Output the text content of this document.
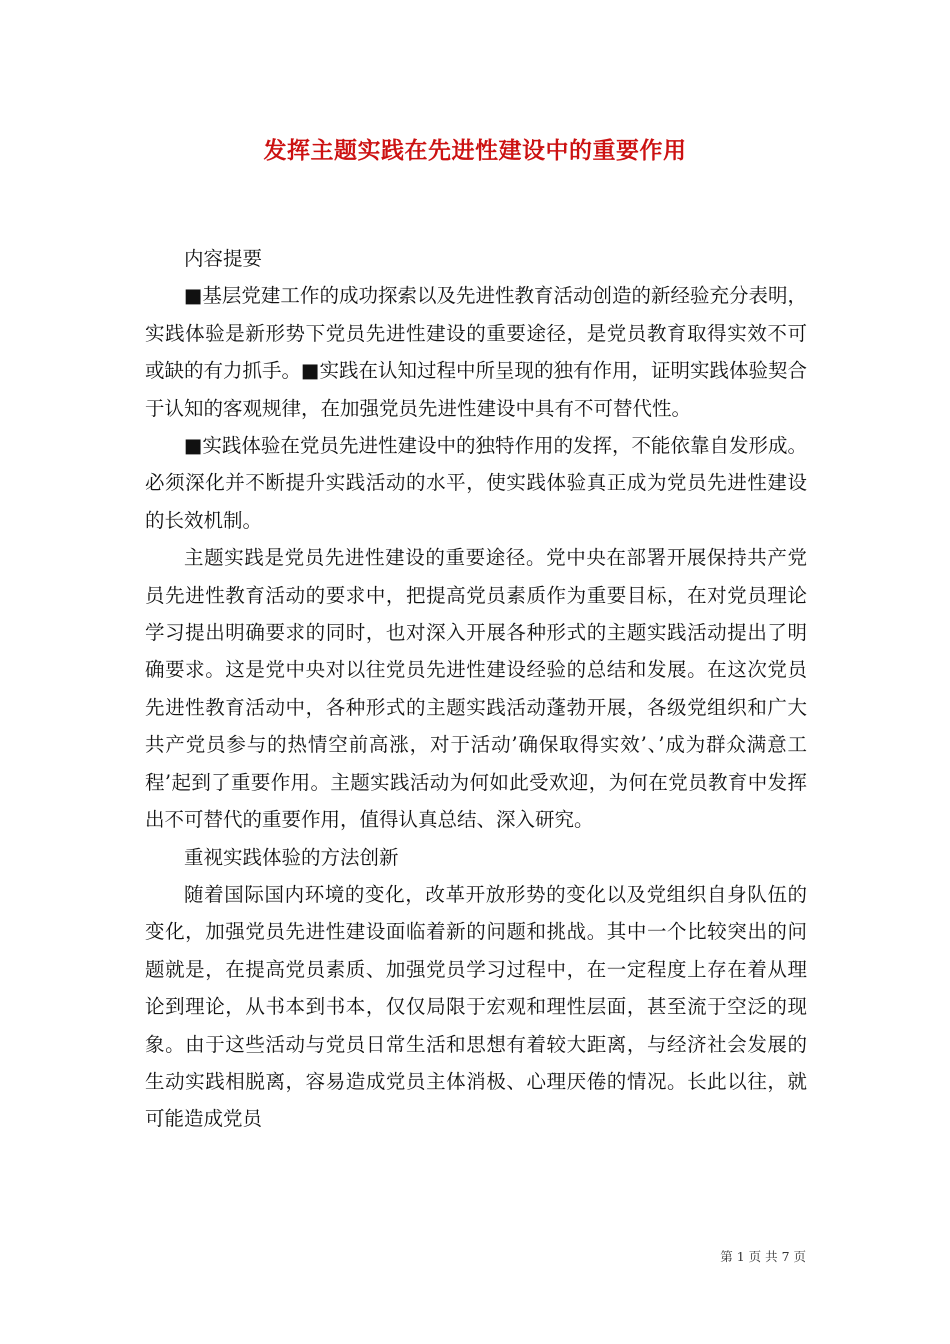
发挥主题实践在先进性建设中的重要作用

内容提要

■基层党建工作的成功探索以及先进性教育活动创造的新经验充分表明，实践体验是新形势下党员先进性建设的重要途径，是党员教育取得实效不可或缺的有力抓手。■实践在认知过程中所呈现的独有作用，证明实践体验契合于认知的客观规律，在加强党员先进性建设中具有不可替代性。

■实践体验在党员先进性建设中的独特作用的发挥，不能依靠自发形成。必须深化并不断提升实践活动的水平，使实践体验真正成为党员先进性建设的长效机制。

主题实践是党员先进性建设的重要途径。党中央在部署开展保持共产党员先进性教育活动的要求中，把提高党员素质作为重要目标，在对党员理论学习提出明确要求的同时，也对深入开展各种形式的主题实践活动提出了明确要求。这是党中央对以往党员先进性建设经验的总结和发展。在这次党员先进性教育活动中，各种形式的主题实践活动蓬勃开展，各级党组织和广大共产党员参与的热情空前高涨，对于活动’确保取得实效’、’成为群众满意工程’起到了重要作用。主题实践活动为何如此受欢迎，为何在党员教育中发挥出不可替代的重要作用，值得认真总结、深入研究。

重视实践体验的方法创新

随着国际国内环境的变化，改革开放形势的变化以及党组织自身队伍的变化，加强党员先进性建设面临着新的问题和挑战。其中一个比较突出的问题就是，在提高党员素质、加强党员学习过程中，在一定程度上存在着从理论到理论，从书本到书本，仅仅局限于宏观和理性层面，甚至流于空泛的现象。由于这些活动与党员日常生活和思想有着较大距离，与经济社会发展的生动实践相脱离，容易造成党员主体消极、心理厌倦的情况。长此以往，就可能造成党员

第 1 页 共 7 页
